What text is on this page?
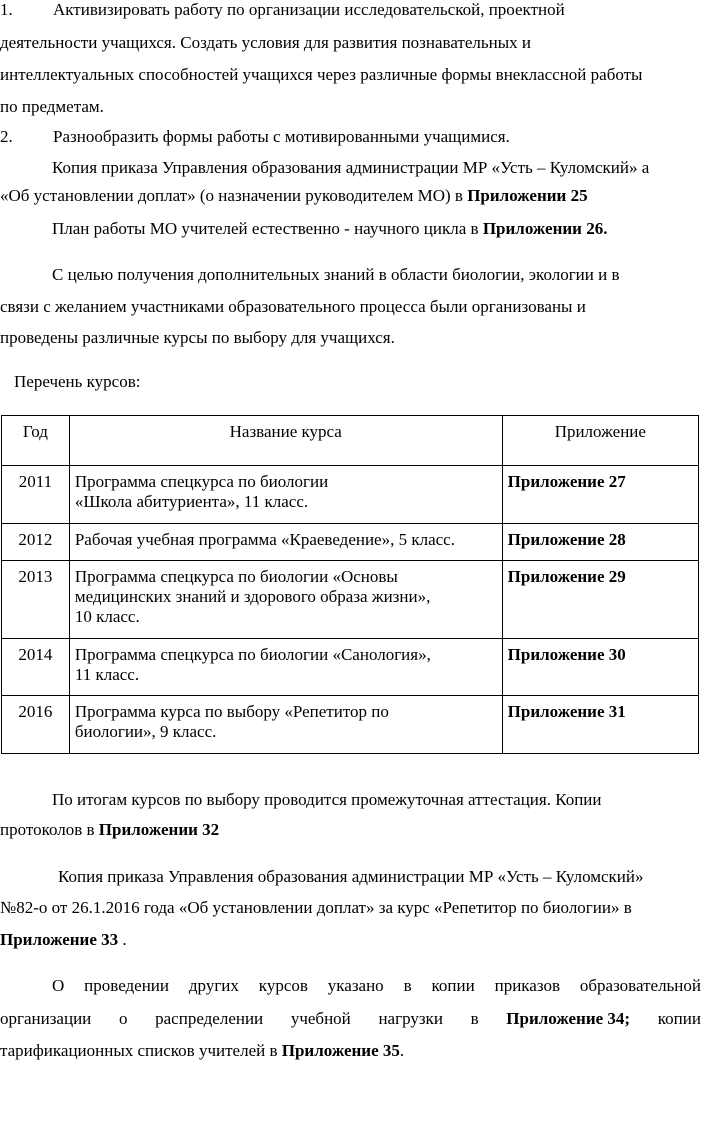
1. Активизировать работу по организации исследовательской, проектной
деятельности учащихся. Создать условия для развития познавательных и
интеллектуальных способностей учащихся через различные формы внеклассной работы
по предметам.
2. Разнообразить формы работы с мотивированными учащимися.
Копия приказа Управления образования администрации МР «Усть – Куломский» а
«Об установлении доплат» (о назначении руководителем МО) в Приложении 25
План работы МО учителей естественно - научного цикла в Приложении 26.
С целью получения дополнительных знаний в области биологии, экологии и в
связи с желанием участниками образовательного процесса были организованы и
проведены различные курсы по выбору для учащихся.
Перечень курсов:
Год	Название курса	Приложение
2011	Программа спецкурса по биологии
«Школа абитуриента», 11 класс.	Приложение 27
2012	Рабочая учебная программа «Краеведение», 5 класс.	Приложение 28
2013	Программа спецкурса по биологии «Основы
медицинских знаний и здорового образа жизни»,
10 класс.	Приложение 29
2014	Программа спецкурса по биологии «Санология»,
11 класс.	Приложение 30
2016	Программа курса по выбору «Репетитор по
биологии», 9 класс.	Приложение 31
По итогам курсов по выбору проводится промежуточная аттестация. Копии
протоколов в Приложении 32
Копия приказа Управления образования администрации МР «Усть – Куломский»
№82-о от 26.1.2016 года «Об установлении доплат» за курс «Репетитор по биологии» в
Приложение 33 .
О проведении других курсов указано в копии приказов образовательной
организации о распределении учебной нагрузки в Приложение 34; копии
тарификационных списков учителей в Приложение 35.
